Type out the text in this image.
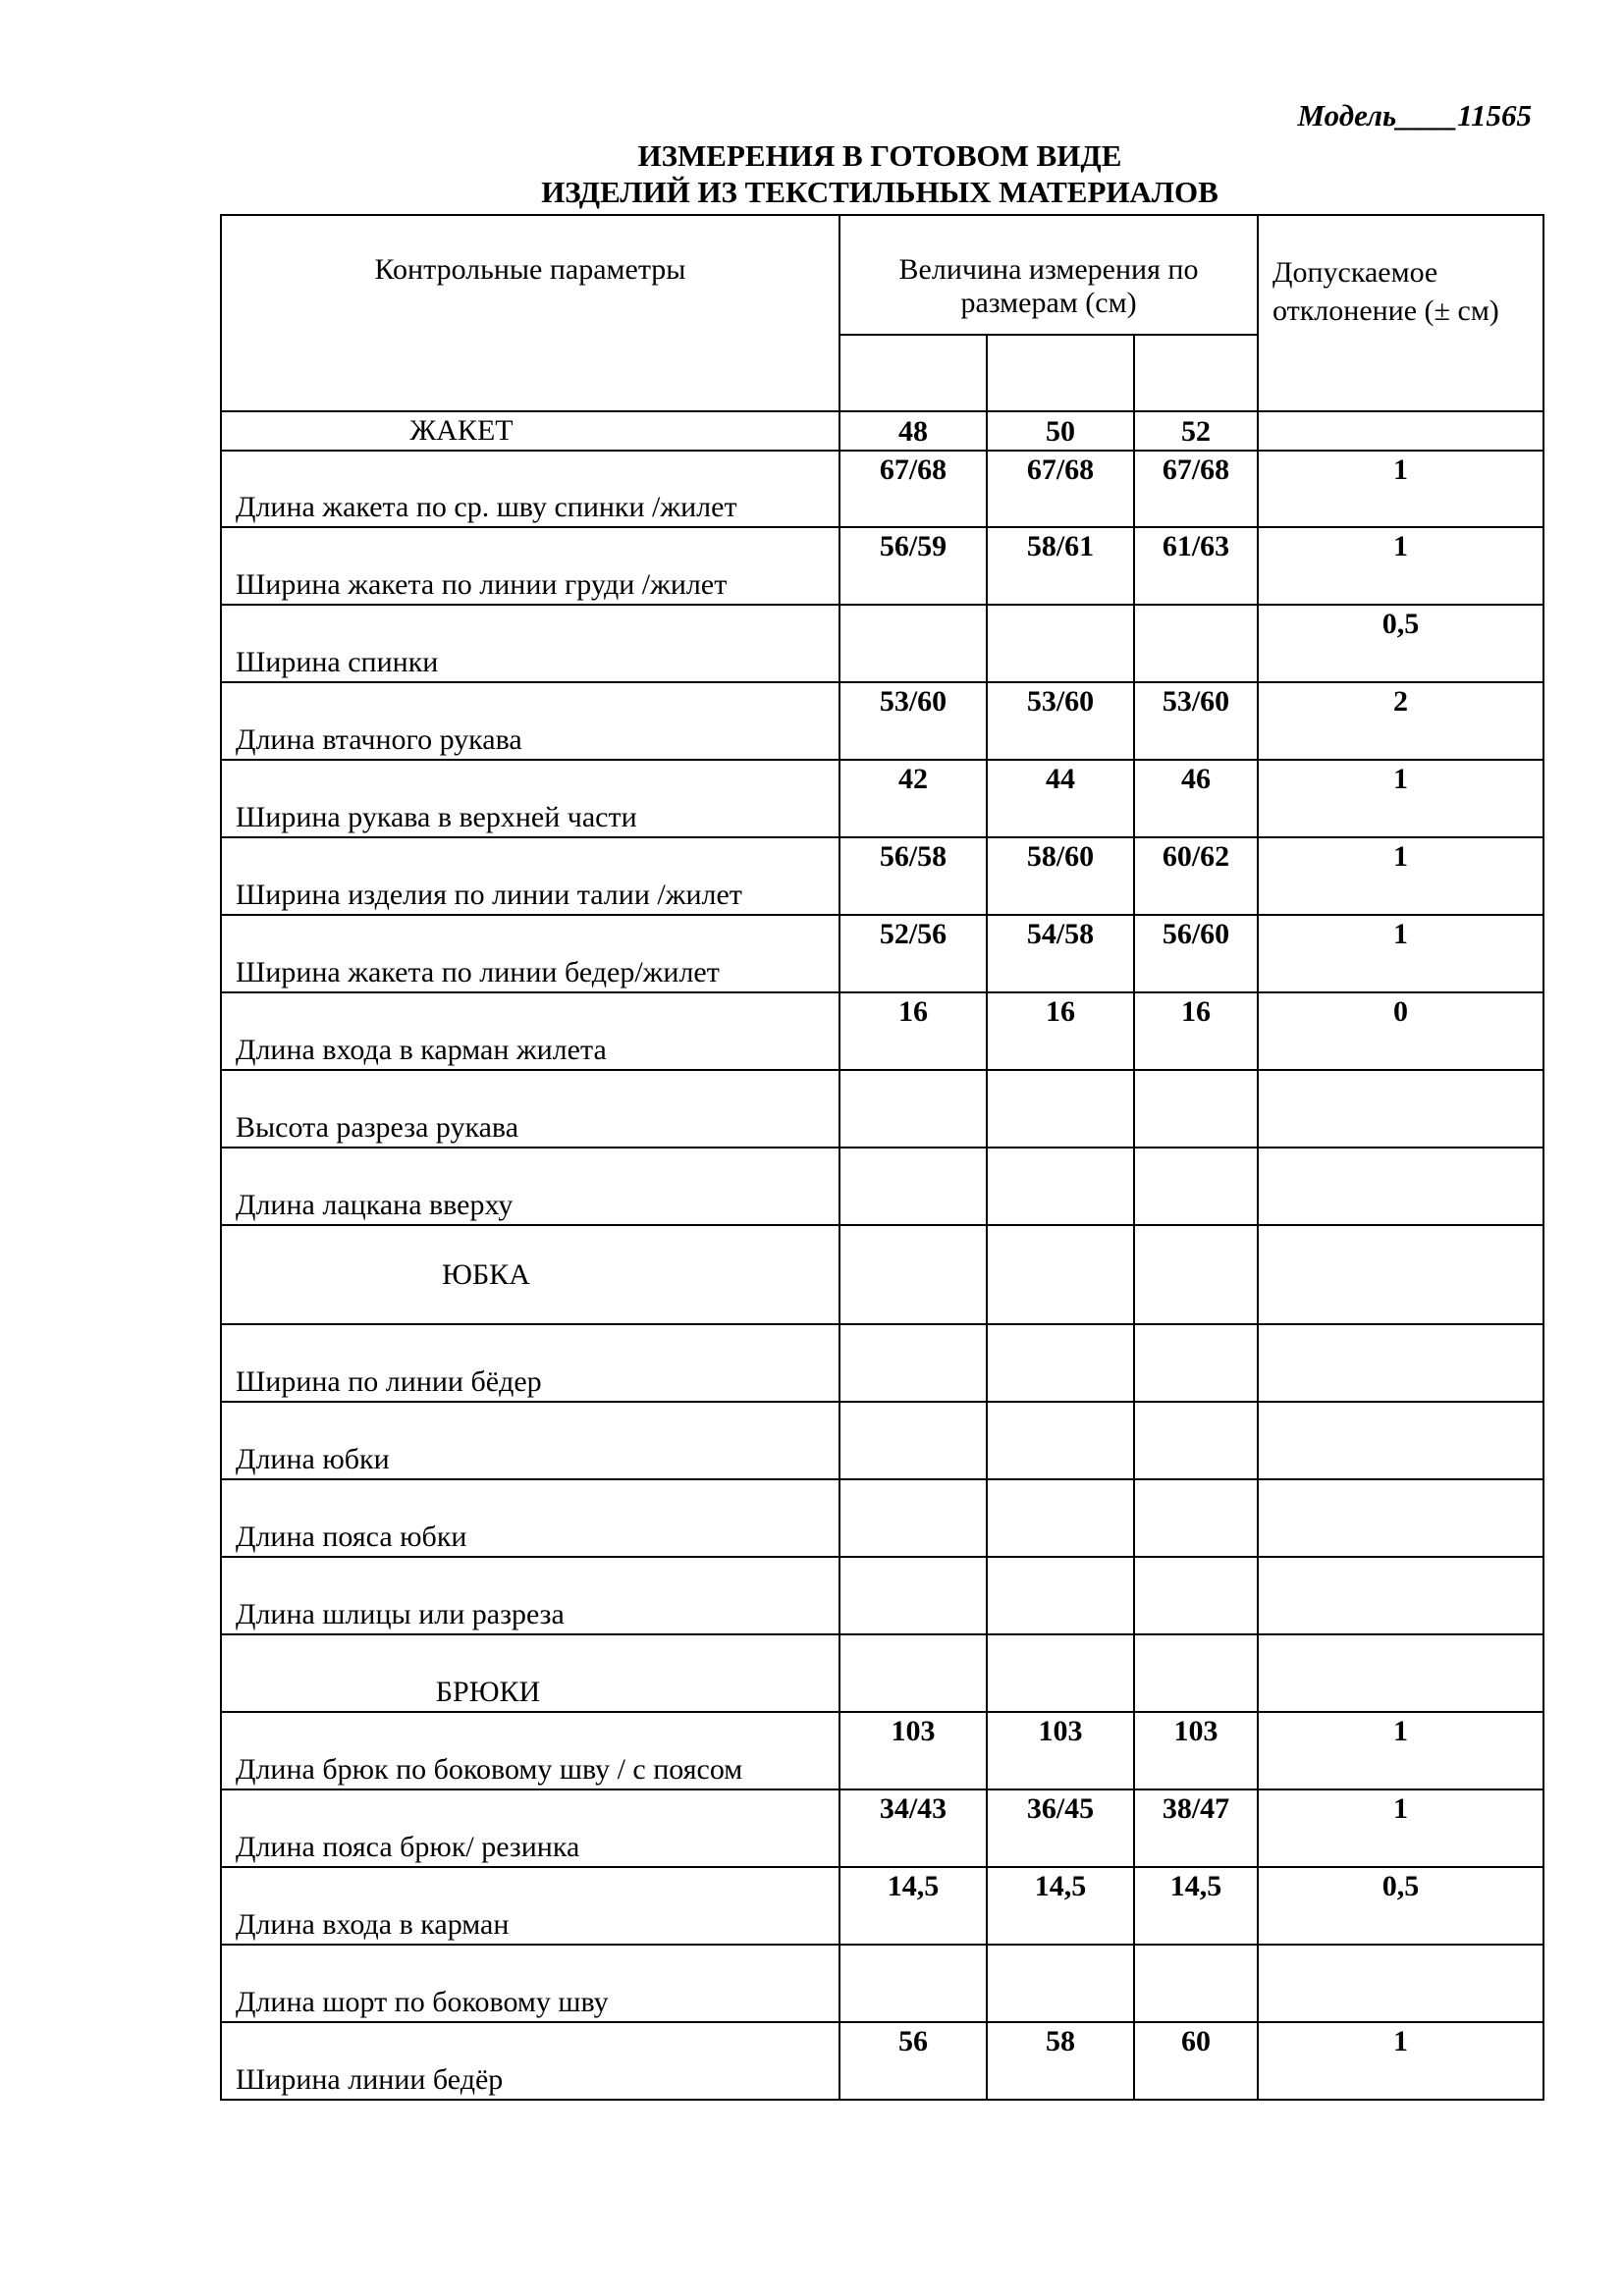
Модель____11565
ИЗМЕРЕНИЯ В ГОТОВОМ ВИДЕ
ИЗДЕЛИЙ ИЗ ТЕКСТИЛЬНЫХ МАТЕРИАЛОВ
Контрольные параметры	Величина измерения по размерам (см)			Допускаемое отклонение (± см)

ЖАКЕТ	48	50	52	
Длина жакета по ср. шву спинки /жилет	67/68	67/68	67/68	1
Ширина жакета по линии груди /жилет	56/59	58/61	61/63	1
Ширина спинки				0,5
Длина втачного рукава	53/60	53/60	53/60	2
Ширина рукава в верхней части	42	44	46	1
Ширина изделия по линии талии /жилет	56/58	58/60	60/62	1
Ширина жакета по линии бедер/жилет	52/56	54/58	56/60	1
Длина входа в карман жилета	16	16	16	0
Высота разреза рукава				
Длина лацкана вверху				
ЮБКА				
Ширина по линии бёдер				
Длина юбки				
Длина пояса юбки				
Длина шлицы или разреза				
БРЮКИ				
Длина брюк по боковому шву / с поясом	103	103	103	1
Длина пояса брюк/ резинка	34/43	36/45	38/47	1
Длина входа в карман	14,5	14,5	14,5	0,5
Длина шорт по боковому шву				
Ширина линии бедёр	56	58	60	1
